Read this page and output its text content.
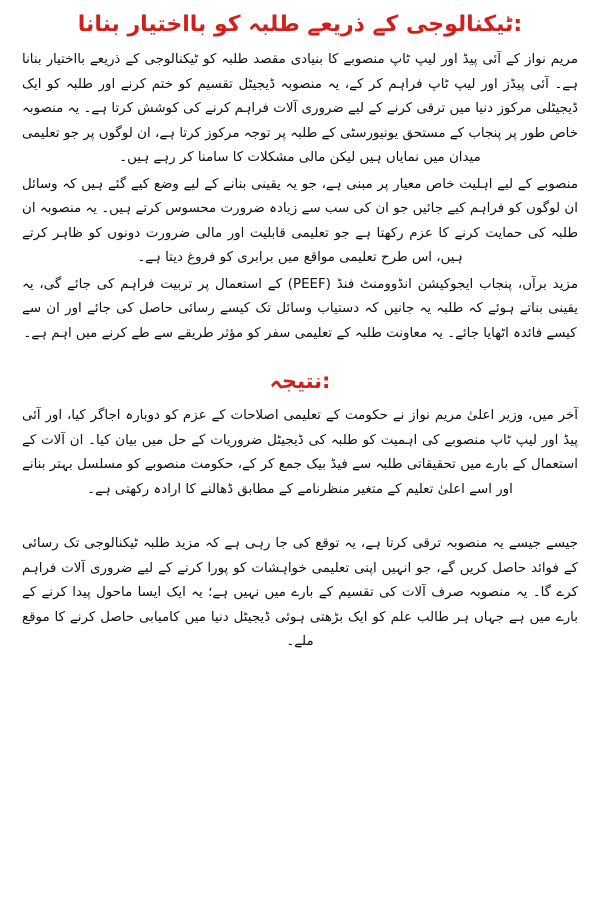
:ٹیکنالوجی کے ذریعے طلبہ کو بااختیار بنانا

مریم نواز کے آئی پیڈ اور لیپ ٹاپ منصوبے کا بنیادی مقصد طلبہ کو ٹیکنالوجی کے ذریعے بااختیار بنانا ہے۔ آئی پیڈز اور لیپ ٹاپ فراہم کر کے، یہ منصوبہ ڈیجیٹل تقسیم کو ختم کرنے اور طلبہ کو ایک ڈیجیٹلی مرکوز دنیا میں ترقی کرنے کے لیے ضروری آلات فراہم کرنے کی کوشش کرتا ہے۔ یہ منصوبہ خاص طور پر پنجاب کے مستحق یونیورسٹی کے طلبہ پر توجہ مرکوز کرتا ہے، ان لوگوں پر جو تعلیمی میدان میں نمایاں ہیں لیکن مالی مشکلات کا سامنا کر رہے ہیں۔

منصوبے کے لیے اہلیت خاص معیار پر مبنی ہے، جو یہ یقینی بنانے کے لیے وضع کیے گئے ہیں کہ وسائل ان لوگوں کو فراہم کیے جائیں جو ان کی سب سے زیادہ ضرورت محسوس کرتے ہیں۔ یہ منصوبہ ان طلبہ کی حمایت کرنے کا عزم رکھتا ہے جو تعلیمی قابلیت اور مالی ضرورت دونوں کو ظاہر کرتے ہیں، اس طرح تعلیمی مواقع میں برابری کو فروغ دیتا ہے۔

مزید برآں، پنجاب ایجوکیشن انڈوومنٹ فنڈ (PEEF) کے استعمال پر تربیت فراہم کی جائے گی، یہ یقینی بناتے ہوئے کہ طلبہ یہ جانیں کہ دستیاب وسائل تک کیسے رسائی حاصل کی جائے اور ان سے کیسے فائدہ اٹھایا جائے۔ یہ معاونت طلبہ کے تعلیمی سفر کو مؤثر طریقے سے طے کرنے میں اہم ہے۔

:نتیجہ

آخر میں، وزیر اعلیٰ مریم نواز نے حکومت کے تعلیمی اصلاحات کے عزم کو دوبارہ اجاگر کیا، اور آئی پیڈ اور لیپ ٹاپ منصوبے کی اہمیت کو طلبہ کی ڈیجیٹل ضروریات کے حل میں بیان کیا۔ ان آلات کے استعمال کے بارے میں تحقیقاتی طلبہ سے فیڈ بیک جمع کر کے، حکومت منصوبے کو مسلسل بہتر بنانے اور اسے اعلیٰ تعلیم کے متغیر منظرنامے کے مطابق ڈھالنے کا ارادہ رکھتی ہے۔

جیسے جیسے یہ منصوبہ ترقی کرتا ہے، یہ توقع کی جا رہی ہے کہ مزید طلبہ ٹیکنالوجی تک رسائی کے فوائد حاصل کریں گے، جو انہیں اپنی تعلیمی خواہشات کو پورا کرنے کے لیے ضروری آلات فراہم کرے گا۔ یہ منصوبہ صرف آلات کی تقسیم کے بارے میں نہیں ہے؛ یہ ایک ایسا ماحول پیدا کرنے کے بارے میں ہے جہاں ہر طالب علم کو ایک بڑھتی ہوئی ڈیجیٹل دنیا میں کامیابی حاصل کرنے کا موقع ملے۔
